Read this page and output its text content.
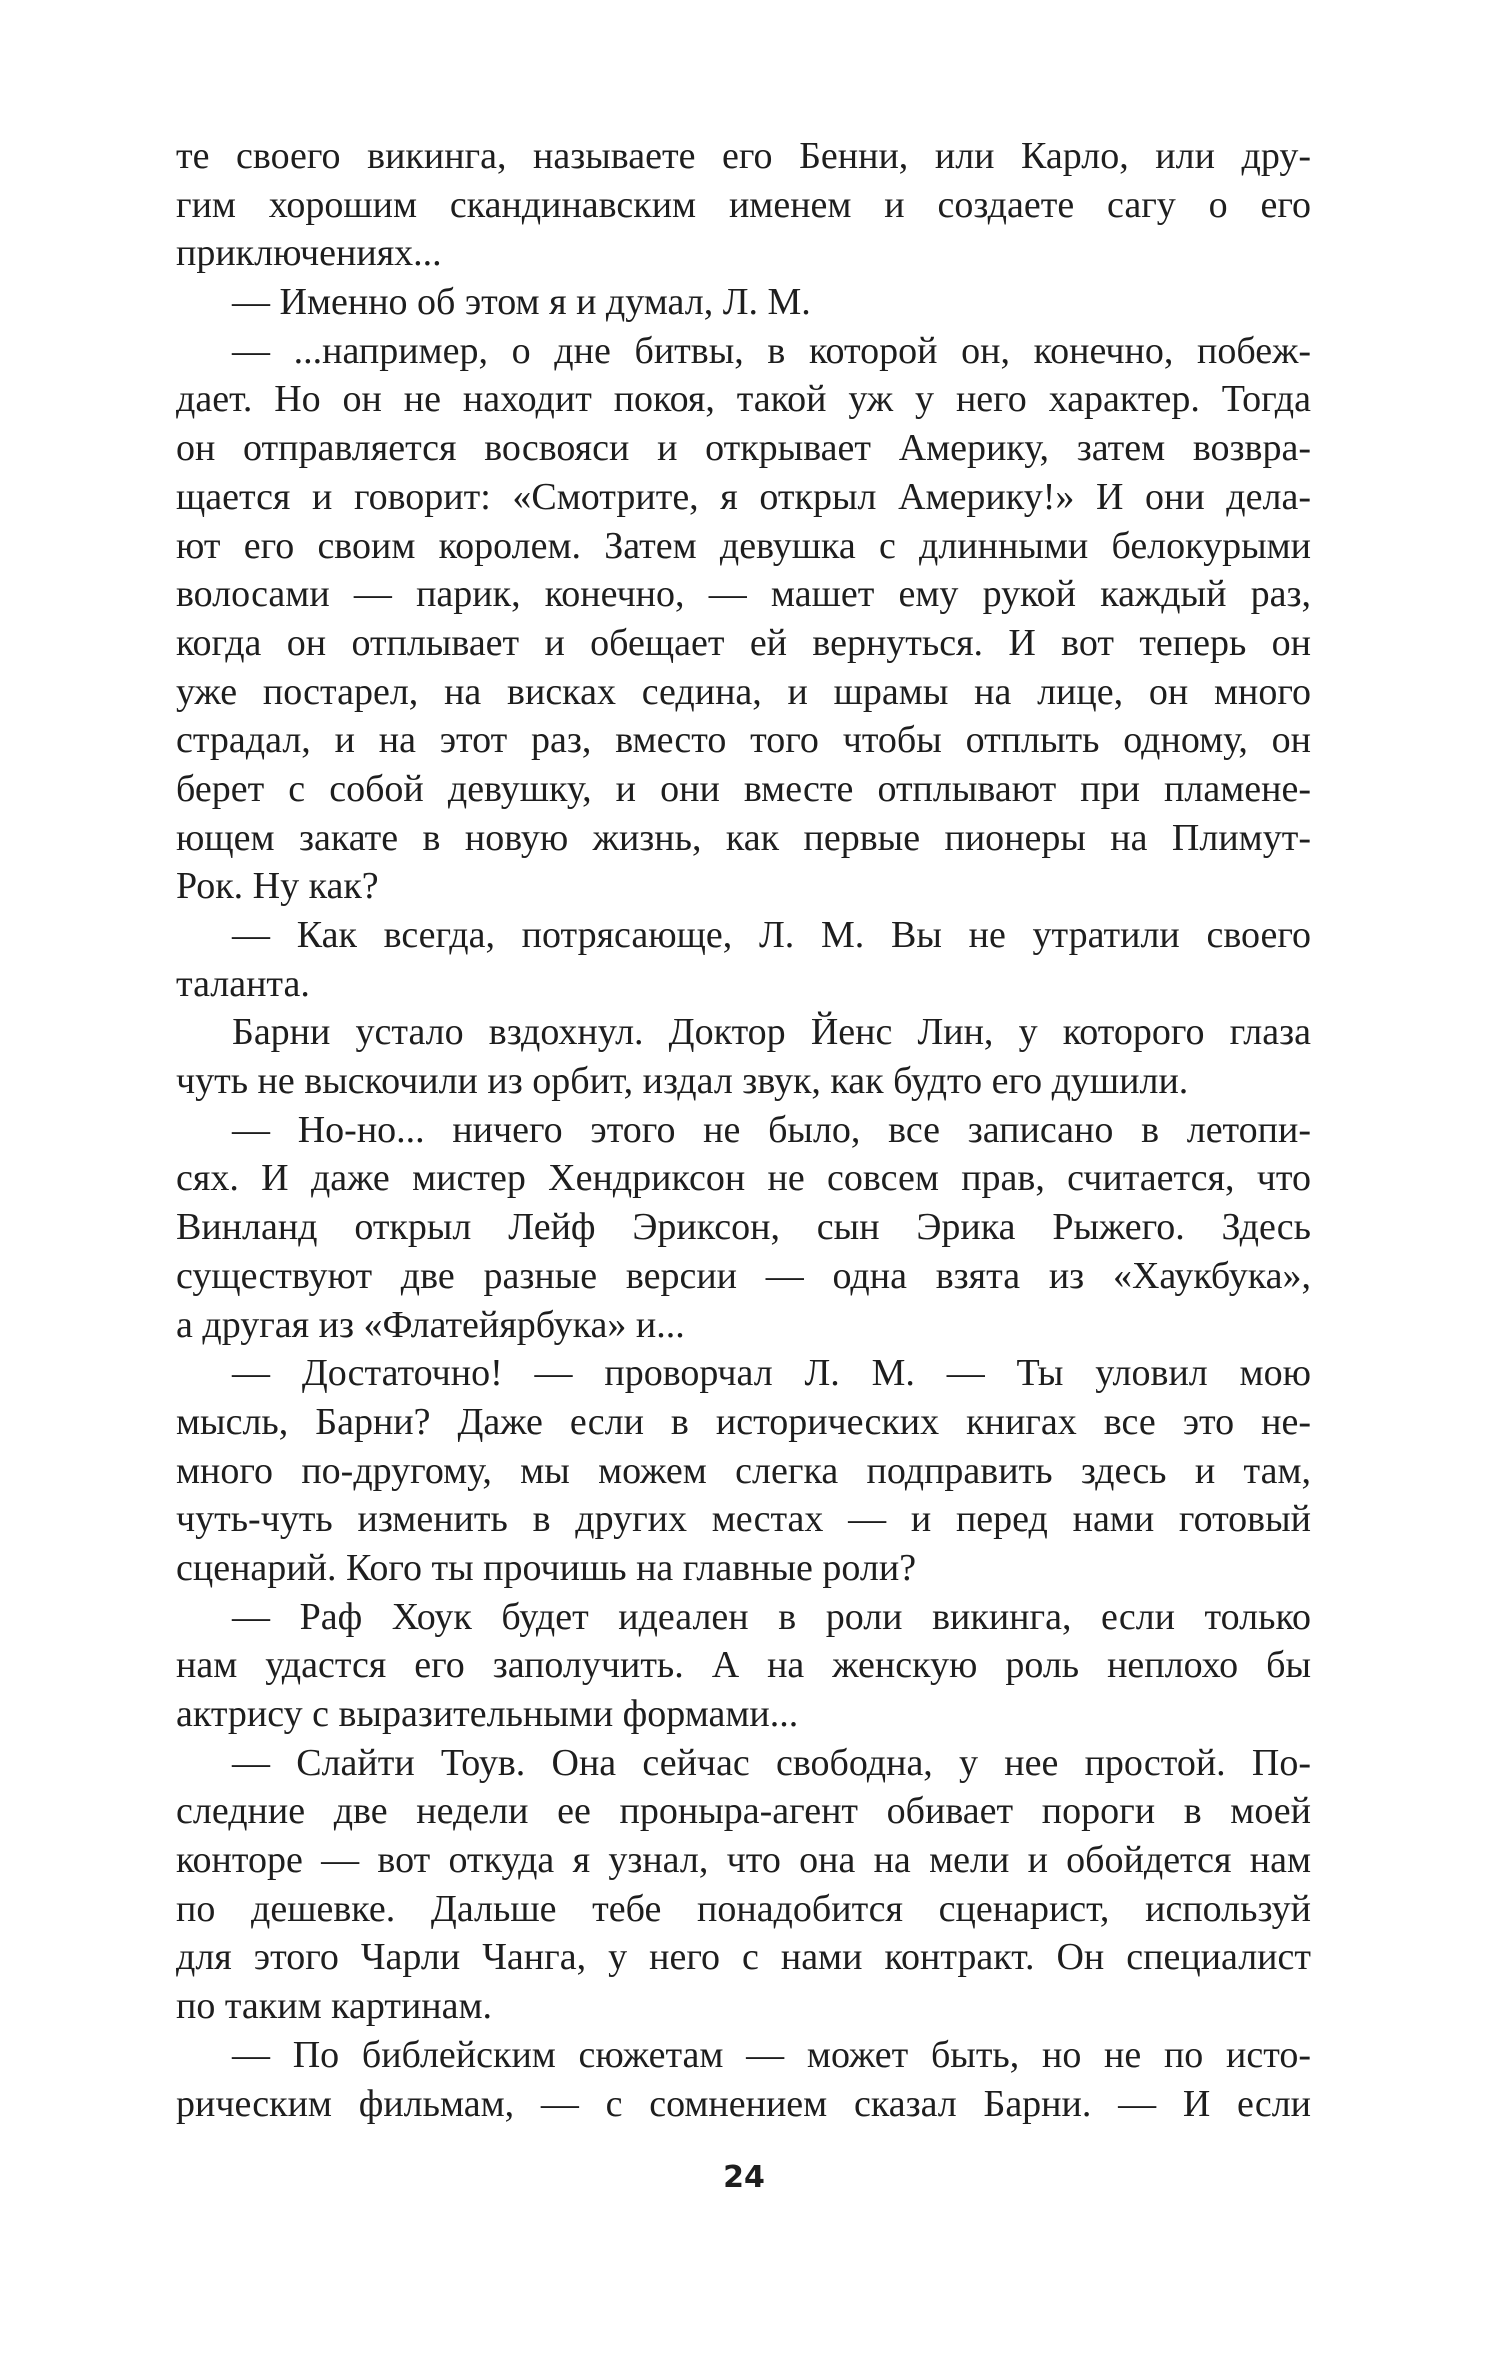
те своего викинга, называете его Бенни, или Карло, или дру-
гим хорошим скандинавским именем и создаете сагу о его
приключениях...
— Именно об этом я и думал, Л. М.
— ...например, о дне битвы, в которой он, конечно, побеж-
дает. Но он не находит покоя, такой уж у него характер. Тогда
он отправляется восвояси и открывает Америку, затем возвра-
щается и говорит: «Смотрите, я открыл Америку!» И они дела-
ют его своим королем. Затем девушка с длинными белокурыми
волосами — парик, конечно, — машет ему рукой каждый раз,
когда он отплывает и обещает ей вернуться. И вот теперь он
уже постарел, на висках седина, и шрамы на лице, он много
страдал, и на этот раз, вместо того чтобы отплыть одному, он
берет с собой девушку, и они вместе отплывают при пламене-
ющем закате в новую жизнь, как первые пионеры на Плимут-
Рок. Ну как?
— Как всегда, потрясающе, Л. М. Вы не утратили своего
таланта.
Барни устало вздохнул. Доктор Йенс Лин, у которого глаза
чуть не выскочили из орбит, издал звук, как будто его душили.
— Но-но... ничего этого не было, все записано в летопи-
сях. И даже мистер Хендриксон не совсем прав, считается, что
Винланд открыл Лейф Эриксон, сын Эрика Рыжего. Здесь
существуют две разные версии — одна взята из «Хаукбука»,
а другая из «Флатейярбука» и...
— Достаточно! — проворчал Л. М. — Ты уловил мою
мысль, Барни? Даже если в исторических книгах все это не-
много по-другому, мы можем слегка подправить здесь и там,
чуть-чуть изменить в других местах — и перед нами готовый
сценарий. Кого ты прочишь на главные роли?
— Раф Хоук будет идеален в роли викинга, если только
нам удастся его заполучить. А на женскую роль неплохо бы
актрису с выразительными формами...
— Слайти Тоув. Она сейчас свободна, у нее простой. По-
следние две недели ее проныра-агент обивает пороги в моей
конторе — вот откуда я узнал, что она на мели и обойдется нам
по дешевке. Дальше тебе понадобится сценарист, используй
для этого Чарли Чанга, у него с нами контракт. Он специалист
по таким картинам.
— По библейским сюжетам — может быть, но не по исто-
рическим фильмам, — с сомнением сказал Барни. — И если
24
